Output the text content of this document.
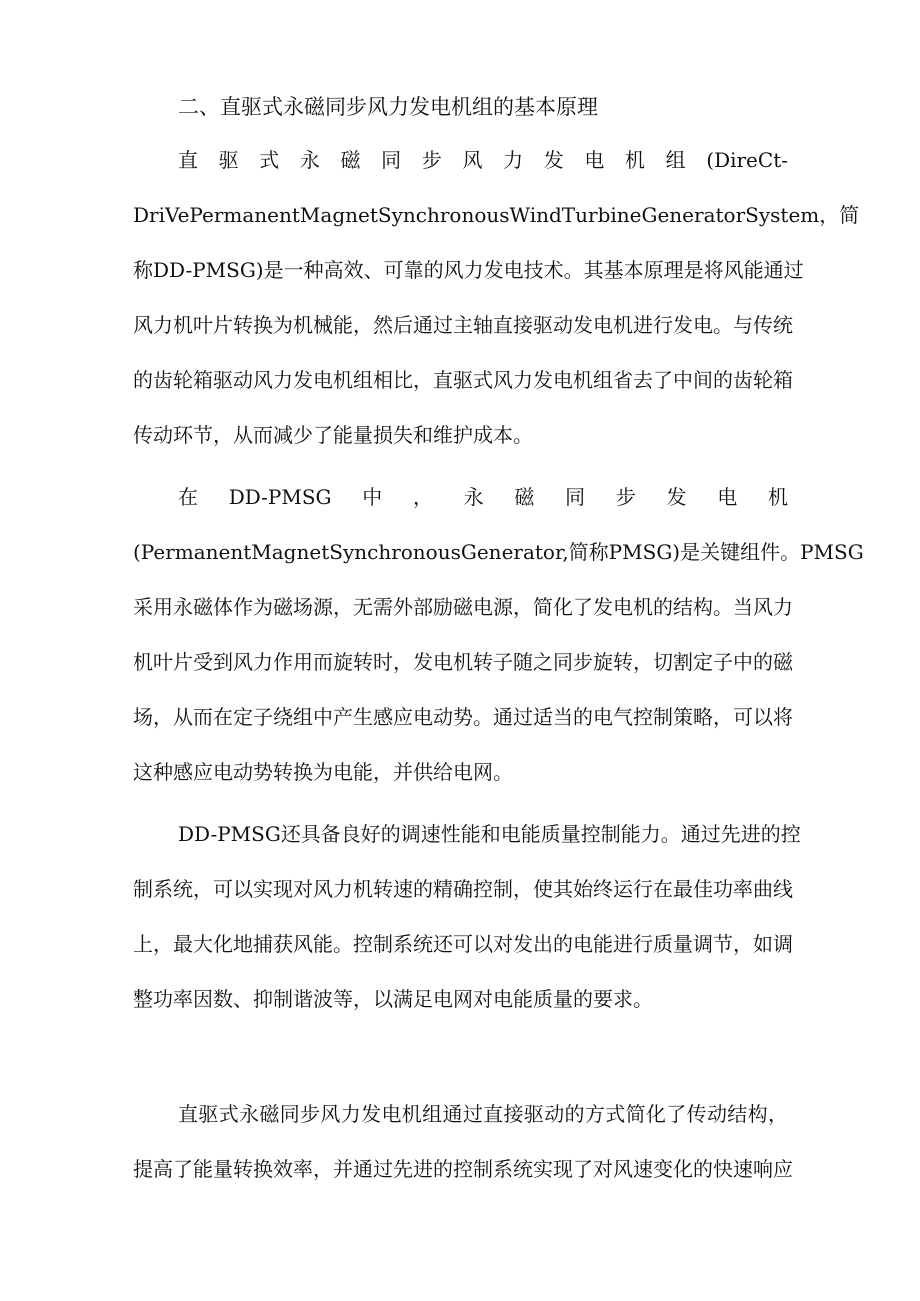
二、直驱式永磁同步风力发电机组的基本原理
直驱式永磁同步风力发电机组(DireCt-
DriVePermanentMagnetSynchronousWindTurbineGeneratorSystem，简
称DD-PMSG)是一种高效、可靠的风力发电技术。其基本原理是将风能通过
风力机叶片转换为机械能，然后通过主轴直接驱动发电机进行发电。与传统
的齿轮箱驱动风力发电机组相比，直驱式风力发电机组省去了中间的齿轮箱
传动环节，从而减少了能量损失和维护成本。
在DD-PMSG中，永磁同步发电机
(PermanentMagnetSynchronousGenerator,简称PMSG)是关键组件。PMSG
采用永磁体作为磁场源，无需外部励磁电源，简化了发电机的结构。当风力
机叶片受到风力作用而旋转时，发电机转子随之同步旋转，切割定子中的磁
场，从而在定子绕组中产生感应电动势。通过适当的电气控制策略，可以将
这种感应电动势转换为电能，并供给电网。
DD-PMSG还具备良好的调速性能和电能质量控制能力。通过先进的控
制系统，可以实现对风力机转速的精确控制，使其始终运行在最佳功率曲线
上，最大化地捕获风能。控制系统还可以对发出的电能进行质量调节，如调
整功率因数、抑制谐波等，以满足电网对电能质量的要求。
直驱式永磁同步风力发电机组通过直接驱动的方式简化了传动结构，
提高了能量转换效率，并通过先进的控制系统实现了对风速变化的快速响应
